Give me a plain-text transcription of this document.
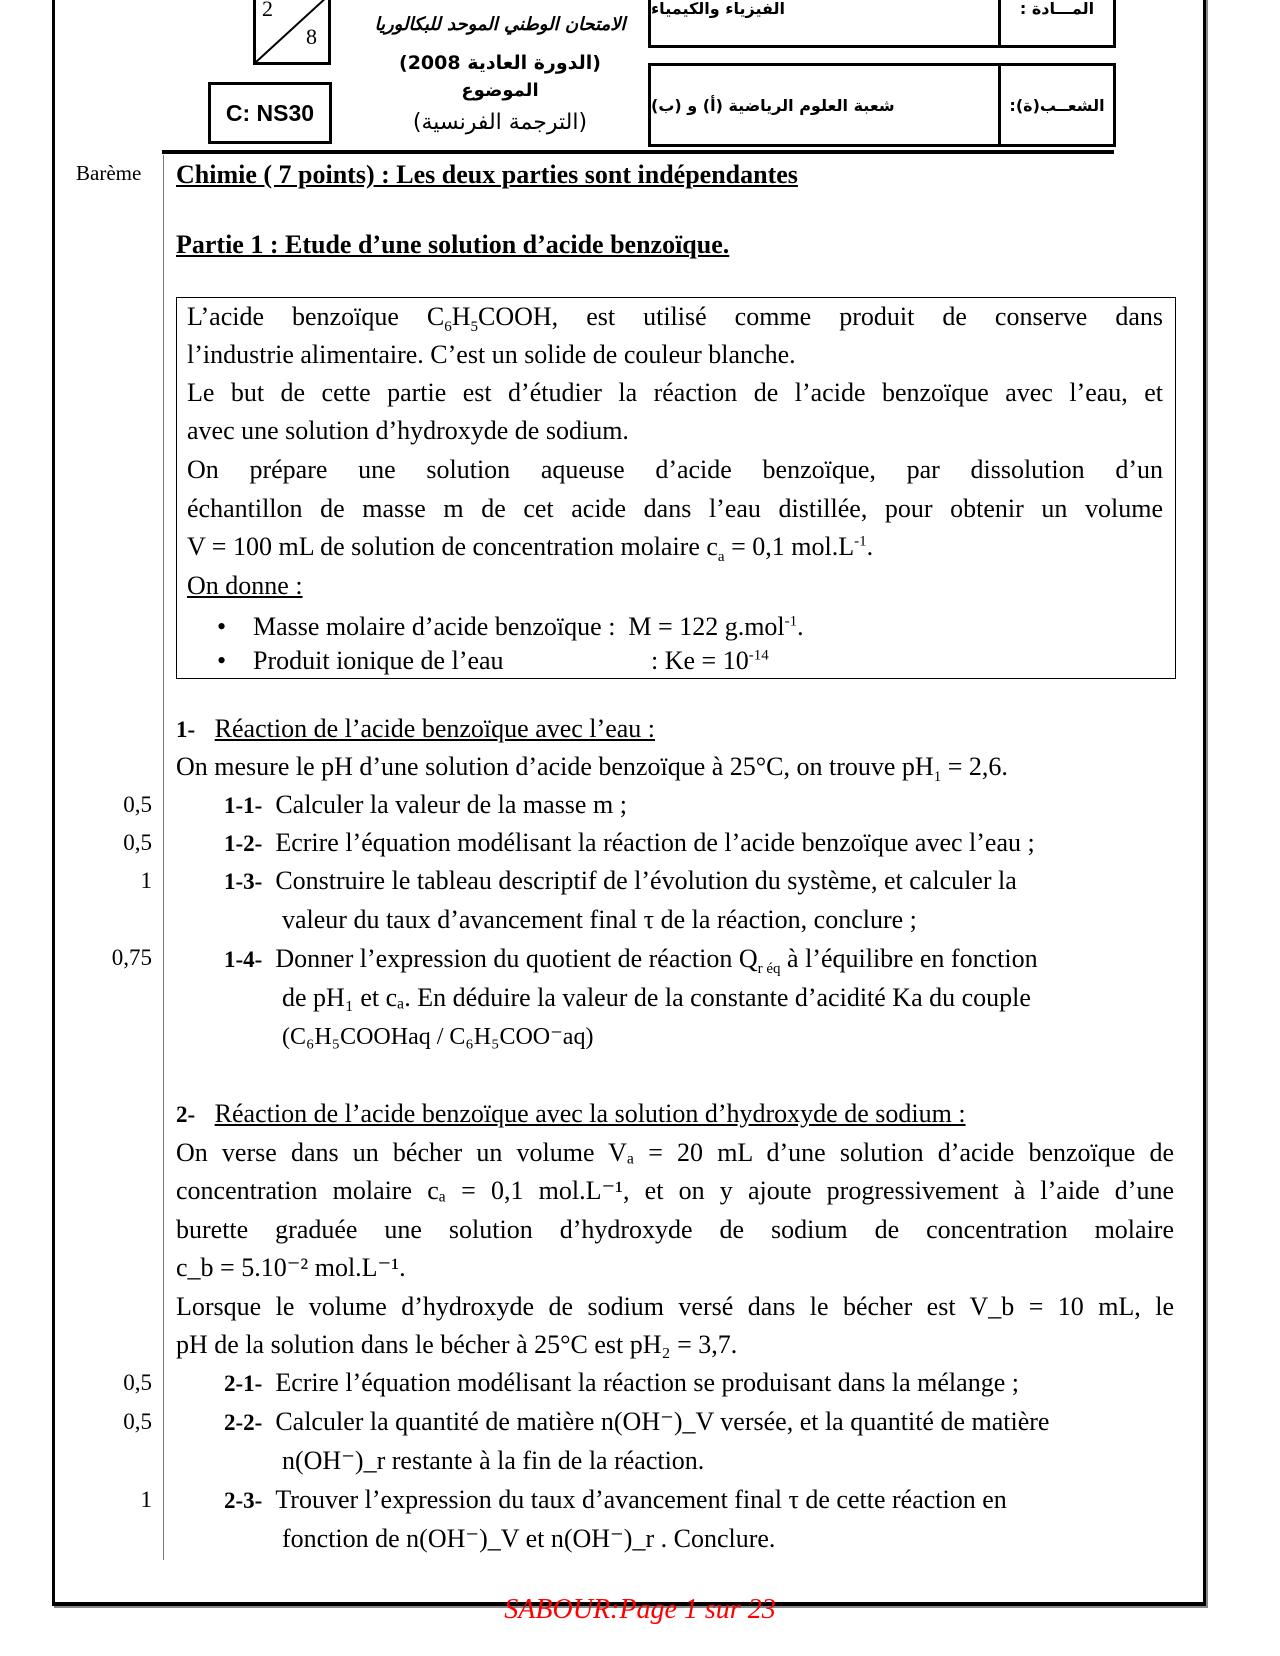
2
8
C: NS30
الامتحان الوطني الموحد للبكالوريا
(الدورة العادية 2008)
الموضوع
(الترجمة الفرنسية)
الفيزياء والكيمياء	المـــادة :
شعبة العلوم الرياضية (أ) و (ب)	الشعــب(ة):
Barème Chimie ( 7 points) : Les deux parties sont indépendantes
Partie 1 : Etude d’une solution d’acide benzoïque.
L’acide benzoïque $C_6H_5COOH$, est utilisé comme produit de conserve dans
l’industrie alimentaire. C’est un solide de couleur blanche.
Le but de cette partie est d’étudier la réaction de l’acide benzoïque avec l’eau, et
avec une solution d’hydroxyde de sodium.
On prépare une solution aqueuse d’acide benzoïque, par dissolution d’un
échantillon de masse m de cet acide dans l’eau distillée, pour obtenir un volume
V = 100 mL de solution de concentration molaire $c_a = 0,1$ $mol.L^{-1}$.
On donne :
• Masse molaire d’acide benzoïque : M = 122 g.mol$^{-1}$.
• Produit ionique de l’eau	: $Ke = 10^{-14}$
1- Réaction de l’acide benzoïque avec l’eau :
On mesure le pH d’une solution d’acide benzoïque à 25°C, on trouve $pH_1 = 2,6$.
0,5	1-1- Calculer la valeur de la masse m ;
0,5	1-2- Ecrire l’équation modélisant la réaction de l’acide benzoïque avec l’eau ;
1	1-3- Construire le tableau descriptif de l’évolution du système, et calculer la
valeur du taux d’avancement final τ de la réaction, conclure ;
0,75	1-4- Donner l’expression du quotient de réaction $Q_{r éq}$ à l’équilibre en fonction
de pH₁ et cₐ. En déduire la valeur de la constante d’acidité Ka du couple
(C₆H₅COOHaq / C₆H₅COO⁻aq)
2- Réaction de l’acide benzoïque avec la solution d’hydroxyde de sodium :
On verse dans un bécher un volume Vₐ = 20 mL d’une solution d’acide benzoïque de
concentration molaire cₐ = 0,1 mol.L⁻¹, et on y ajoute progressivement à l’aide d’une
burette graduée une solution d’hydroxyde de sodium de concentration molaire
c_b = 5.10⁻² mol.L⁻¹.
Lorsque le volume d’hydroxyde de sodium versé dans le bécher est V_b = 10 mL, le
pH de la solution dans le bécher à 25°C est pH₂ = 3,7.
0,5	2-1- Ecrire l’équation modélisant la réaction se produisant dans la mélange ;
0,5	2-2- Calculer la quantité de matière n(OH⁻)_V versée, et la quantité de matière
n(OH⁻)_r restante à la fin de la réaction.
1	2-3- Trouver l’expression du taux d’avancement final τ de cette réaction en
fonction de n(OH⁻)_V et n(OH⁻)_r . Conclure.
SABOUR:Page 1 sur 23
